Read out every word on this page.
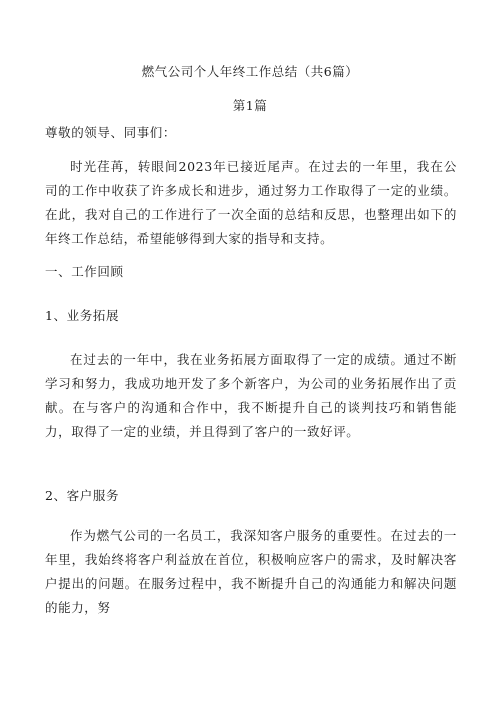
燃气公司个人年终工作总结（共6篇）
第1篇
尊敬的领导、同事们：
时光荏苒，转眼间2023年已接近尾声。在过去的一年里，我在公司的工作中收获了许多成长和进步，通过努力工作取得了一定的业绩。在此，我对自己的工作进行了一次全面的总结和反思，也整理出如下的年终工作总结，希望能够得到大家的指导和支持。
一、工作回顾
1、业务拓展
在过去的一年中，我在业务拓展方面取得了一定的成绩。通过不断学习和努力，我成功地开发了多个新客户，为公司的业务拓展作出了贡献。在与客户的沟通和合作中，我不断提升自己的谈判技巧和销售能力，取得了一定的业绩，并且得到了客户的一致好评。
2、客户服务
作为燃气公司的一名员工，我深知客户服务的重要性。在过去的一年里，我始终将客户利益放在首位，积极响应客户的需求，及时解决客户提出的问题。在服务过程中，我不断提升自己的沟通能力和解决问题的能力，努
